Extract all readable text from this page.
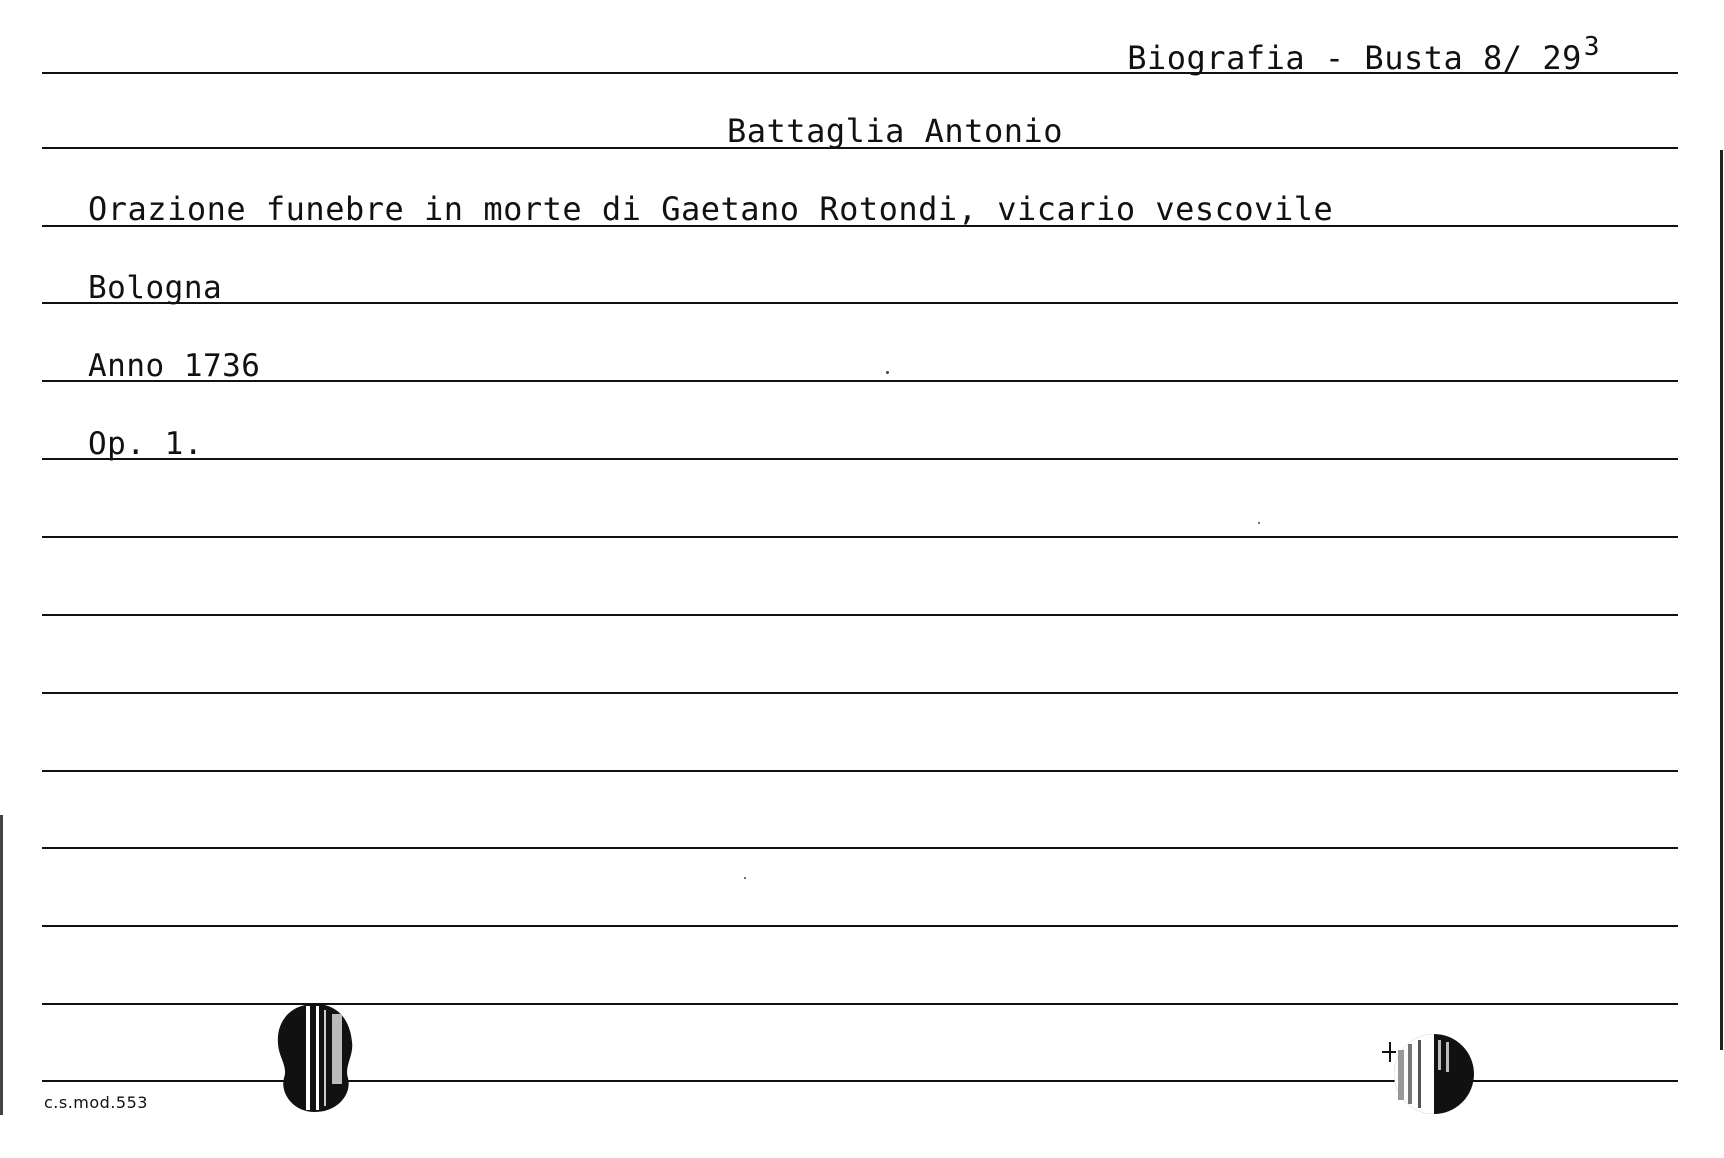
Biografia - Busta 8/ $29^3$
Battaglia Antonio
Orazione funebre in morte di Gaetano Rotondi, vicario vescovile
Bologna
Anno 1736
Op. 1.
c.s.mod.553
